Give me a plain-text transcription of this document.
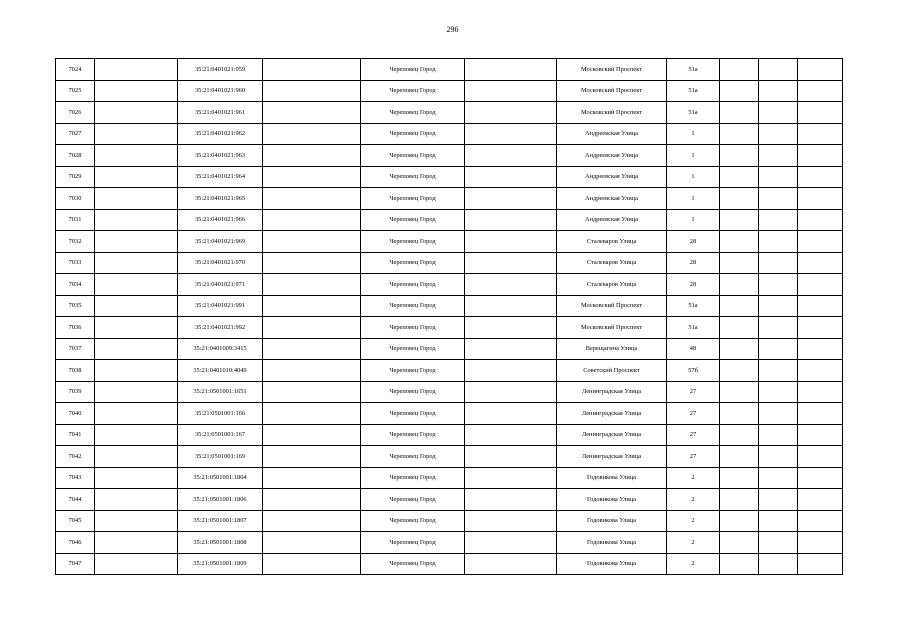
296
7024		35:21:0401021:959		Череповец Город		Московский Проспект	51а			
7025		35:21:0401021:960		Череповец Город		Московский Проспект	51а			
7026		35:21:0401021:961		Череповец Город		Московский Проспект	51а			
7027		35:21:0401021:962		Череповец Город		Андреевская Улица	1			
7028		35:21:0401021:963		Череповец Город		Андреевская Улица	1			
7029		35:21:0401021:964		Череповец Город		Андреевская Улица	1			
7030		35:21:0401021:965		Череповец Город		Андреевская Улица	1			
7031		35:21:0401021:966		Череповец Город		Андреевская Улица	1			
7032		35:21:0401021:969		Череповец Город		Сталеваров Улица	28			
7033		35:21:0401021:970		Череповец Город		Сталеваров Улица	28			
7034		35:21:0401021:971		Череповец Город		Сталеваров Улица	28			
7035		35:21:0401021:991		Череповец Город		Московский Проспект	51а			
7036		35:21:0401021:992		Череповец Город		Московский Проспект	51а			
7037		35:21:0401009:3415		Череповец Город		Верещагина Улица	48			
7038		35:21:0401010:4049		Череповец Город		Советский Проспект	57б			
7039		35:21:0501001:1651		Череповец Город		Ленинградская Улица	27			
7040		35:21:0501001:166		Череповец Город		Ленинградская Улица	27			
7041		35:21:0501001:167		Череповец Город		Ленинградская Улица	27			
7042		35:21:0501001:169		Череповец Город		Ленинградская Улица	27			
7043		35:21:0501001:1804		Череповец Город		Годовикова Улица	2			
7044		35:21:0501001:1806		Череповец Город		Годовикова Улица	2			
7045		35:21:0501001:1807		Череповец Город		Годовикова Улица	2			
7046		35:21:0501001:1808		Череповец Город		Годовикова Улица	2			
7047		35:21:0501001:1809		Череповец Город		Годовикова Улица	2			
